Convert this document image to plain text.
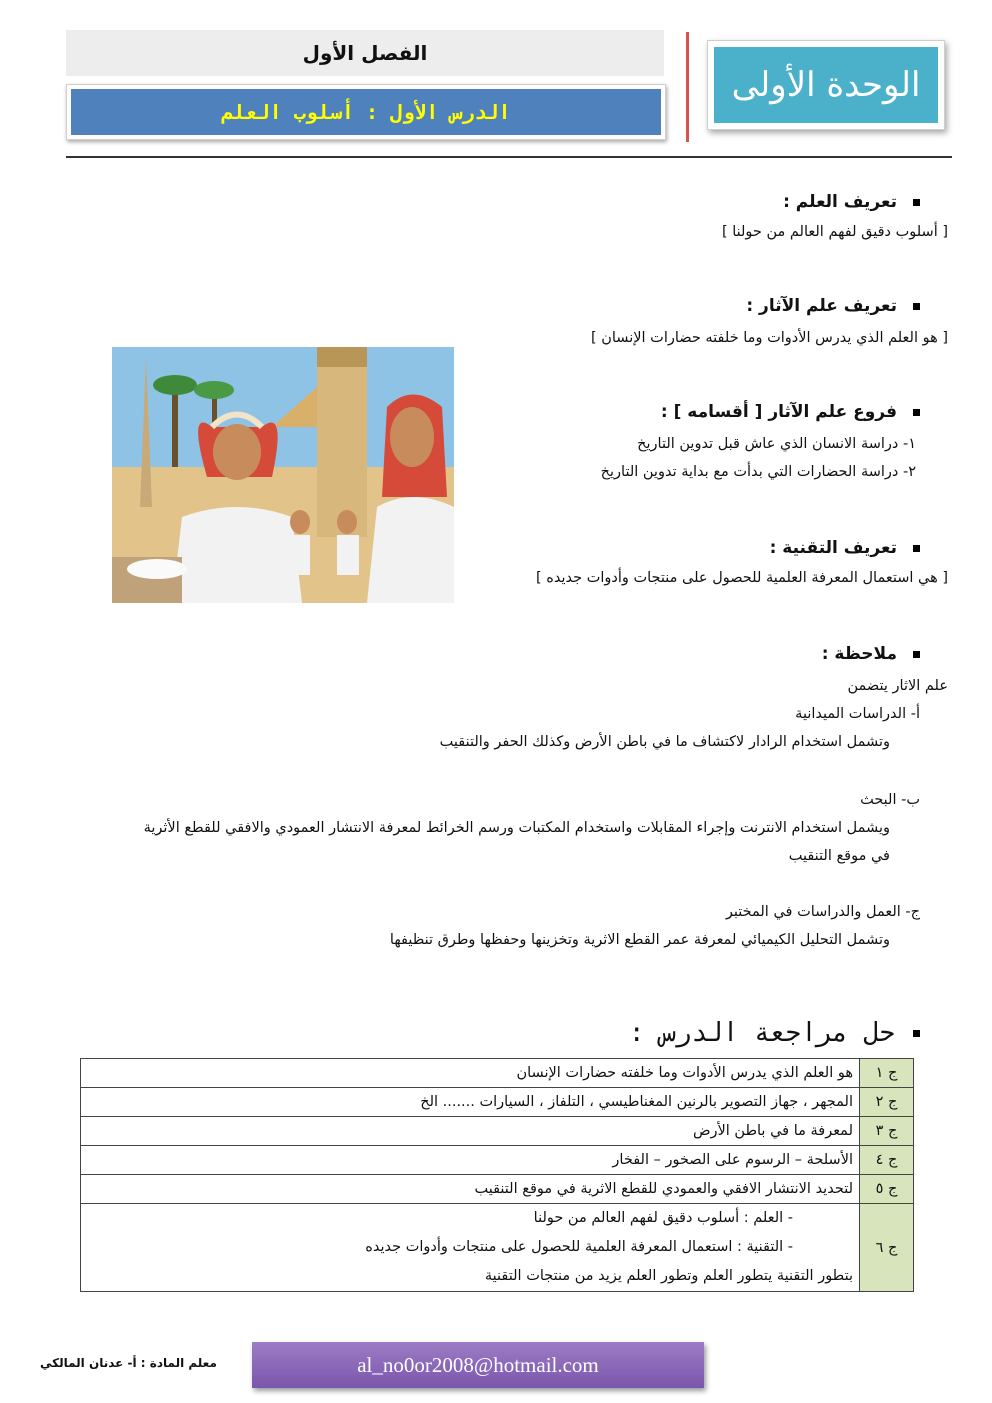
الوحدة الأولى
الفصل الأول
الدرس الأول : أسلوب العلم
تعريف العلم :
[ أسلوب دقيق لفهم العالم من حولنا ]
تعريف علم الآثار :
[ هو العلم الذي يدرس الأدوات وما خلفته حضارات الإنسان ]
فروع علم الآثار [ أقسامه ] :
١- دراسة الانسان الذي عاش قبل تدوين التاريخ
٢- دراسة الحضارات التي بدأت مع بداية تدوين التاريخ
تعريف التقنية :
[ هي استعمال المعرفة العلمية للحصول على منتجات وأدوات جديده ]
ملاحظة :
علم الاثار يتضمن
أ- الدراسات الميدانية
وتشمل استخدام الرادار لاكتشاف ما في باطن الأرض وكذلك الحفر والتنقيب
ب- البحث
ويشمل استخدام الانترنت وإجراء المقابلات واستخدام المكتبات ورسم الخرائط لمعرفة الانتشار العمودي والافقي للقطع الأثرية
في موقع التنقيب
ج- العمل والدراسات في المختبر
وتشمل التحليل الكيميائي لمعرفة عمر القطع الاثرية وتخزينها وحفظها وطرق تنظيفها
حل مراجعة الدرس :
ج ١	هو العلم الذي يدرس الأدوات وما خلفته حضارات الإنسان
ج ٢	المجهر ، جهاز التصوير بالرنين المغناطيسي ، التلفاز ، السيارات ....... الخ
ج ٣	لمعرفة ما في باطن الأرض
ج ٤	الأسلحة – الرسوم على الصخور – الفخار
ج ٥	لتحديد الانتشار الافقي والعمودي للقطع الاثرية في موقع التنقيب
ج ٦	- العلم : أسلوب دقيق لفهم العالم من حولنا
- التقنية : استعمال المعرفة العلمية للحصول على منتجات وأدوات جديده
بتطور التقنية يتطور العلم وتطور العلم يزيد من منتجات التقنية
al_no0or2008@hotmail.com
معلم المادة : أ- عدنان المالكي
